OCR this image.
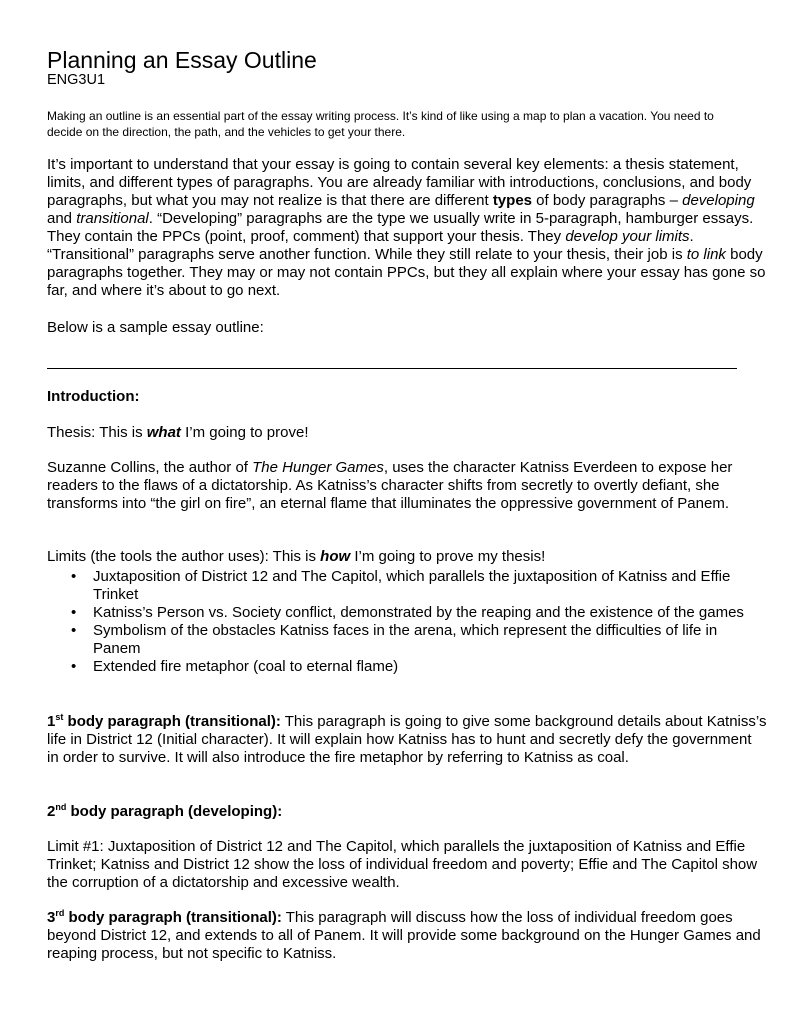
Planning an Essay Outline
ENG3U1
Making an outline is an essential part of the essay writing process. It’s kind of like using a map to plan a vacation. You need to decide on the direction, the path, and the vehicles to get your there.
It’s important to understand that your essay is going to contain several key elements: a thesis statement, limits, and different types of paragraphs. You are already familiar with introductions, conclusions, and body paragraphs, but what you may not realize is that there are different types of body paragraphs – developing and transitional. “Developing” paragraphs are the type we usually write in 5-paragraph, hamburger essays. They contain the PPCs (point, proof, comment) that support your thesis. They develop your limits. “Transitional” paragraphs serve another function. While they still relate to your thesis, their job is to link body paragraphs together. They may or may not contain PPCs, but they all explain where your essay has gone so far, and where it’s about to go next.
Below is a sample essay outline:
Introduction:
Thesis: This is what I’m going to prove!
Suzanne Collins, the author of The Hunger Games, uses the character Katniss Everdeen to expose her readers to the flaws of a dictatorship. As Katniss’s character shifts from secretly to overtly defiant, she transforms into “the girl on fire”, an eternal flame that illuminates the oppressive government of Panem.
Limits (the tools the author uses): This is how I’m going to prove my thesis!
• Juxtaposition of District 12 and The Capitol, which parallels the juxtaposition of Katniss and Effie Trinket
• Katniss’s Person vs. Society conflict, demonstrated by the reaping and the existence of the games
• Symbolism of the obstacles Katniss faces in the arena, which represent the difficulties of life in Panem
• Extended fire metaphor (coal to eternal flame)
1st body paragraph (transitional): This paragraph is going to give some background details about Katniss’s life in District 12 (Initial character). It will explain how Katniss has to hunt and secretly defy the government in order to survive. It will also introduce the fire metaphor by referring to Katniss as coal.
2nd body paragraph (developing):
Limit #1: Juxtaposition of District 12 and The Capitol, which parallels the juxtaposition of Katniss and Effie Trinket; Katniss and District 12 show the loss of individual freedom and poverty; Effie and The Capitol show the corruption of a dictatorship and excessive wealth.
3rd body paragraph (transitional): This paragraph will discuss how the loss of individual freedom goes beyond District 12, and extends to all of Panem. It will provide some background on the Hunger Games and reaping process, but not specific to Katniss.
